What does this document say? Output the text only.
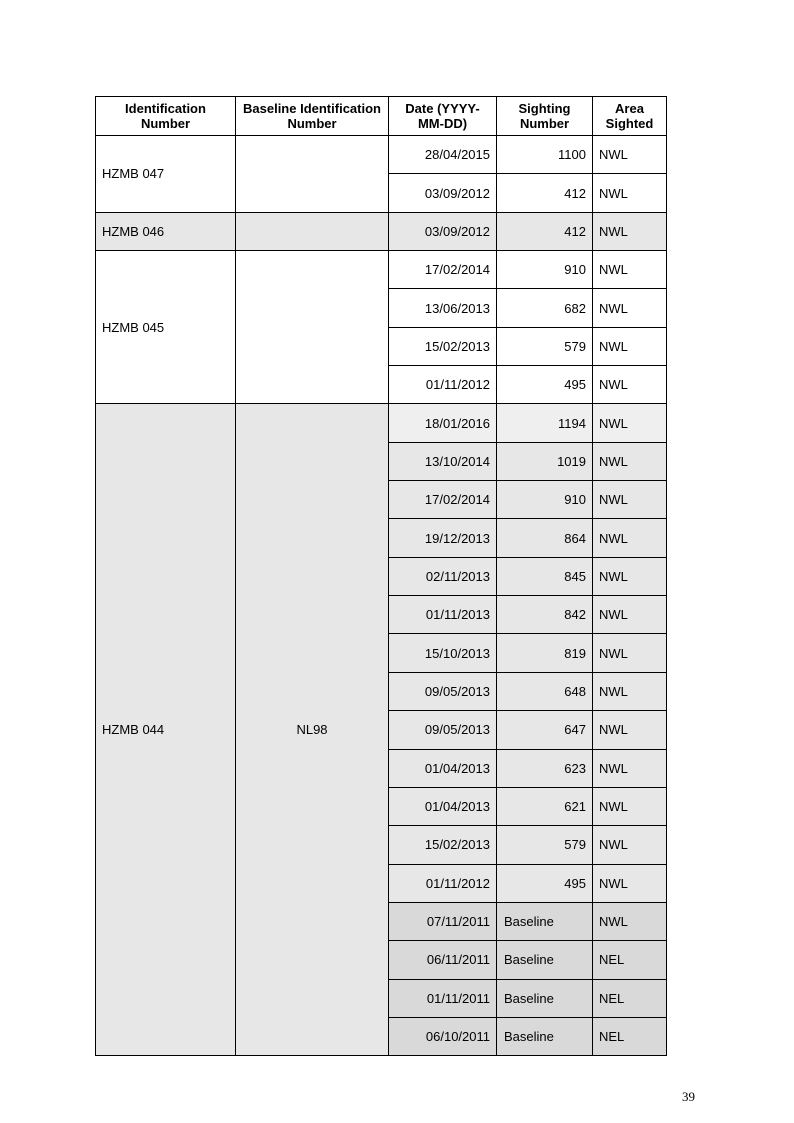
Identification Number	Baseline Identification Number	Date (YYYY-MM-DD)	Sighting Number	Area Sighted
HZMB 047		28/04/2015	1100	NWL
		03/09/2012	412	NWL
HZMB 046		03/09/2012	412	NWL
HZMB 045		17/02/2014	910	NWL
		13/06/2013	682	NWL
		15/02/2013	579	NWL
		01/11/2012	495	NWL
HZMB 044	NL98	18/01/2016	1194	NWL
		13/10/2014	1019	NWL
		17/02/2014	910	NWL
		19/12/2013	864	NWL
		02/11/2013	845	NWL
		01/11/2013	842	NWL
		15/10/2013	819	NWL
		09/05/2013	648	NWL
		09/05/2013	647	NWL
		01/04/2013	623	NWL
		01/04/2013	621	NWL
		15/02/2013	579	NWL
		01/11/2012	495	NWL
		07/11/2011	Baseline	NWL
		06/11/2011	Baseline	NEL
		01/11/2011	Baseline	NEL
		06/10/2011	Baseline	NEL
39
